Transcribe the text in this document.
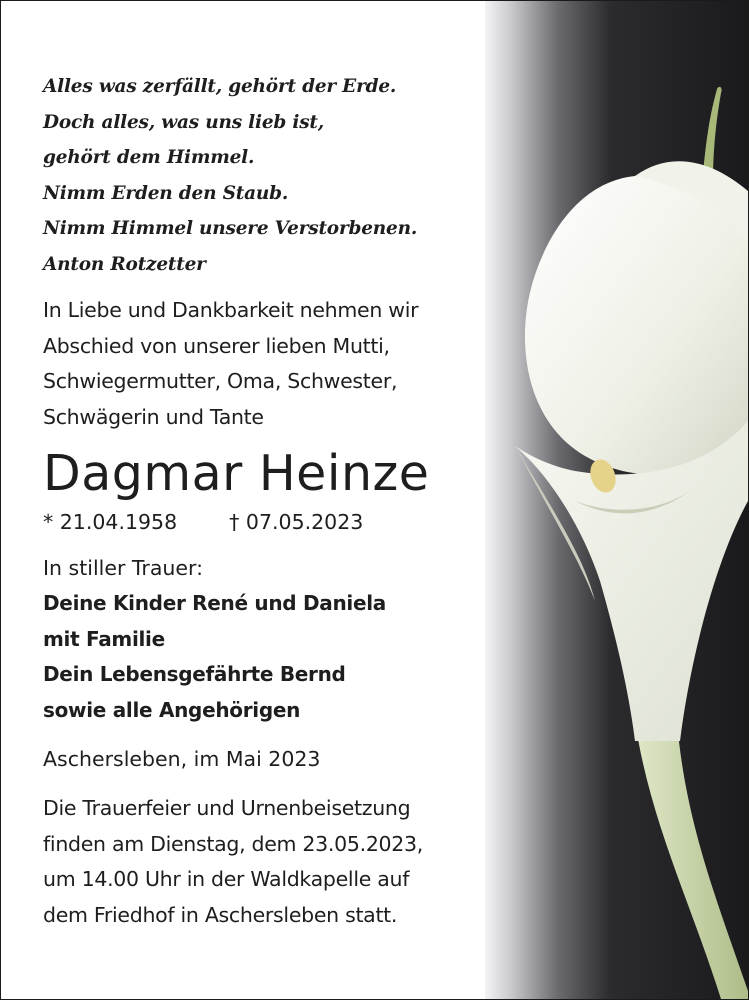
Alles was zerfällt, gehört der Erde.
Doch alles, was uns lieb ist,
gehört dem Himmel.
Nimm Erden den Staub.
Nimm Himmel unsere Verstorbenen.
Anton Rotzetter
In Liebe und Dankbarkeit nehmen wir
Abschied von unserer lieben Mutti,
Schwiegermutter, Oma, Schwester,
Schwägerin und Tante
Dagmar Heinze
* 21.04.1958	† 07.05.2023
In stiller Trauer:
Deine Kinder René und Daniela
mit Familie
Dein Lebensgefährte Bernd
sowie alle Angehörigen
Aschersleben, im Mai 2023
Die Trauerfeier und Urnenbeisetzung
finden am Dienstag, dem 23.05.2023,
um 14.00 Uhr in der Waldkapelle auf
dem Friedhof in Aschersleben statt.
